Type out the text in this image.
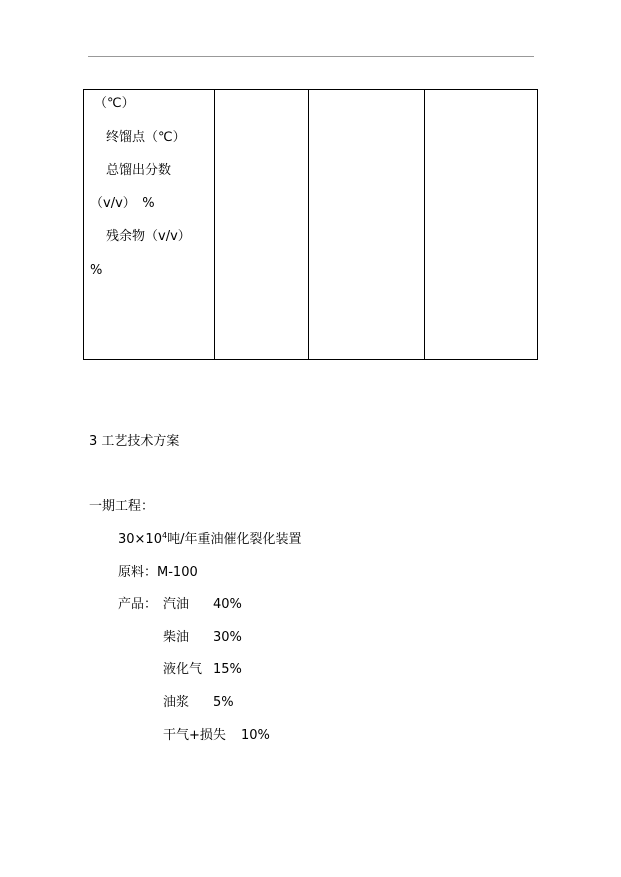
（℃）
终馏点（℃）
总馏出分数
（v/v）　%
残余物（v/v）
%

3 工艺技术方案
一期工程：
$30\times 10^4$吨/年重油催化裂化装置
原料：M-100
产品： 汽油 40%
柴油 30%
液化气 15%
油浆 5%
干气+损失 10%
